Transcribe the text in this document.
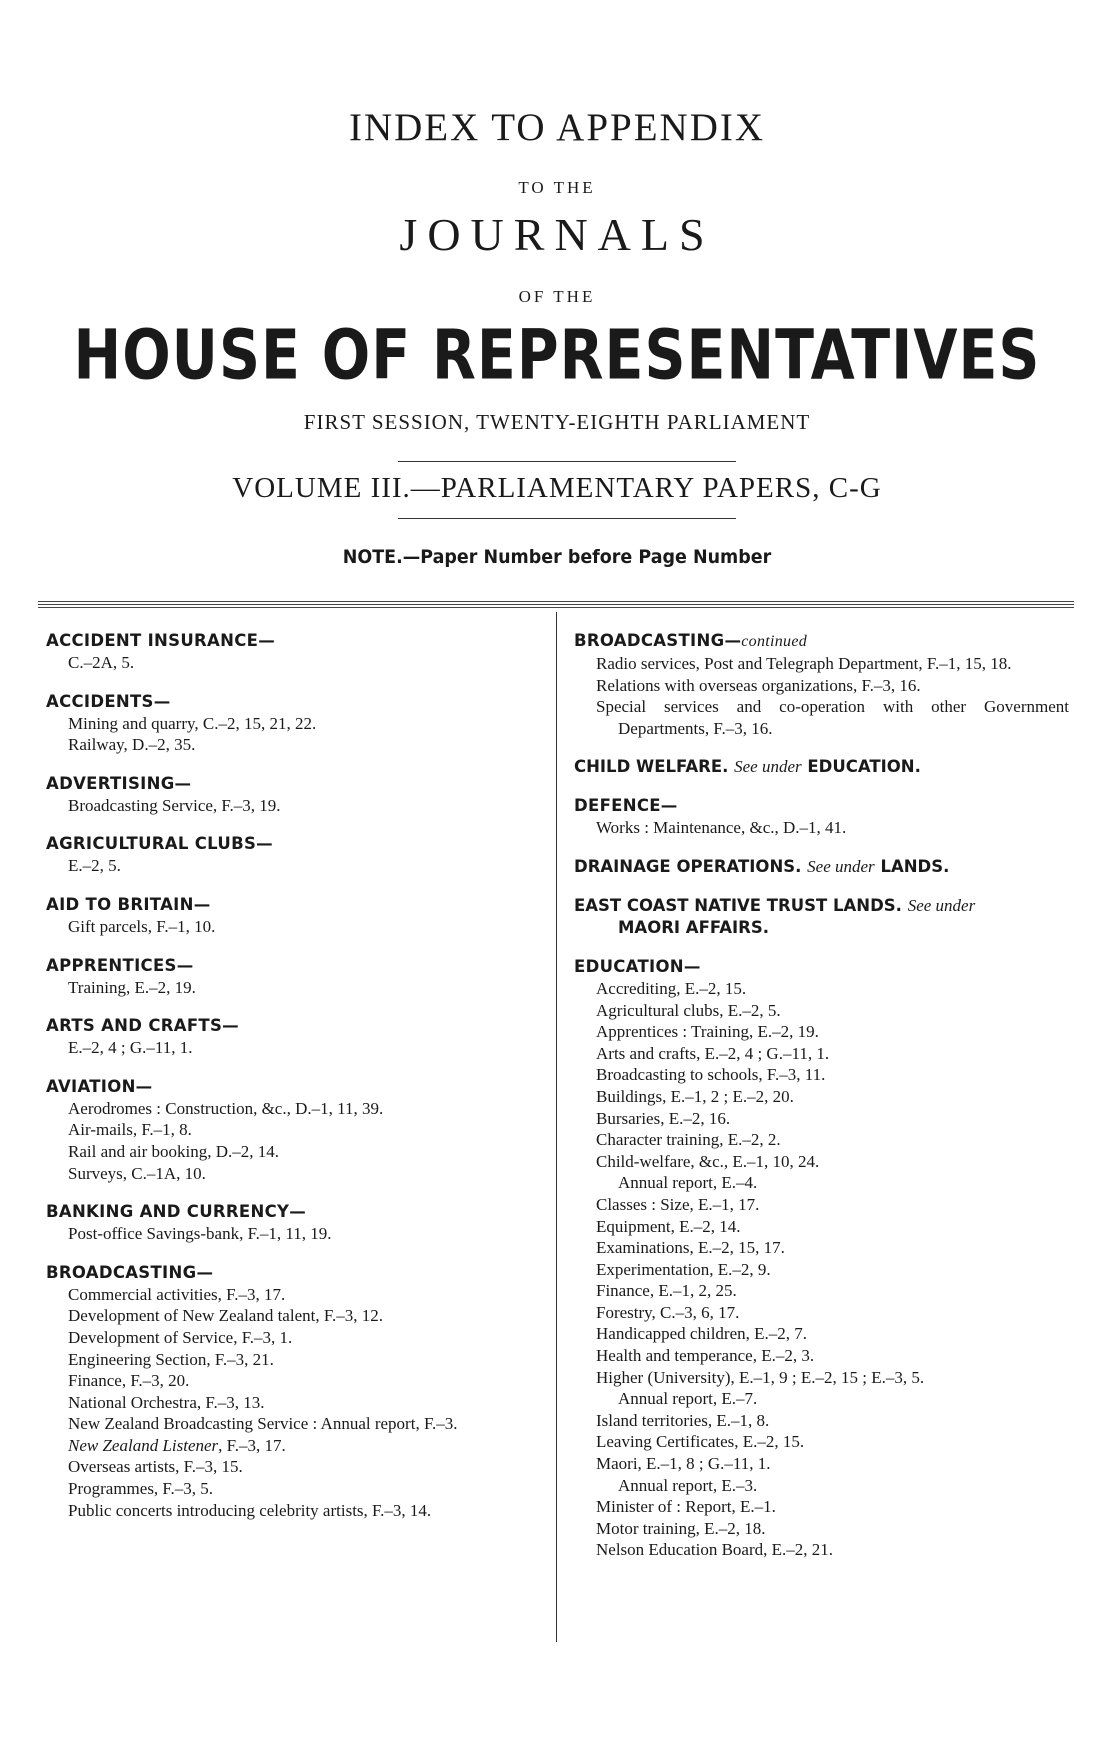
INDEX TO APPENDIX
TO THE
JOURNALS
OF THE
HOUSE OF REPRESENTATIVES
FIRST SESSION, TWENTY-EIGHTH PARLIAMENT
VOLUME III.—PARLIAMENTARY PAPERS, C-G
NOTE.—Paper Number before Page Number
ACCIDENT INSURANCE—
C.–2A, 5.
ACCIDENTS—
Mining and quarry, C.–2, 15, 21, 22.
Railway, D.–2, 35.
ADVERTISING—
Broadcasting Service, F.–3, 19.
AGRICULTURAL CLUBS—
E.–2, 5.
AID TO BRITAIN—
Gift parcels, F.–1, 10.
APPRENTICES—
Training, E.–2, 19.
ARTS AND CRAFTS—
E.–2, 4 ; G.–11, 1.
AVIATION—
Aerodromes : Construction, &c., D.–1, 11, 39.
Air-mails, F.–1, 8.
Rail and air booking, D.–2, 14.
Surveys, C.–1A, 10.
BANKING AND CURRENCY—
Post-office Savings-bank, F.–1, 11, 19.
BROADCASTING—
Commercial activities, F.–3, 17.
Development of New Zealand talent, F.–3, 12.
Development of Service, F.–3, 1.
Engineering Section, F.–3, 21.
Finance, F.–3, 20.
National Orchestra, F.–3, 13.
New Zealand Broadcasting Service : Annual report, F.–3.
New Zealand Listener, F.–3, 17.
Overseas artists, F.–3, 15.
Programmes, F.–3, 5.
Public concerts introducing celebrity artists, F.–3, 14.
BROADCASTING—continued
Radio services, Post and Telegraph Department, F.–1, 15, 18.
Relations with overseas organizations, F.–3, 16.
Special services and co-operation with other Government Departments, F.–3, 16.
CHILD WELFARE. See under EDUCATION.
DEFENCE—
Works : Maintenance, &c., D.–1, 41.
DRAINAGE OPERATIONS. See under LANDS.
EAST COAST NATIVE TRUST LANDS. See under
MAORI AFFAIRS.
EDUCATION—
Accrediting, E.–2, 15.
Agricultural clubs, E.–2, 5.
Apprentices : Training, E.–2, 19.
Arts and crafts, E.–2, 4 ; G.–11, 1.
Broadcasting to schools, F.–3, 11.
Buildings, E.–1, 2 ; E.–2, 20.
Bursaries, E.–2, 16.
Character training, E.–2, 2.
Child-welfare, &c., E.–1, 10, 24.
Annual report, E.–4.
Classes : Size, E.–1, 17.
Equipment, E.–2, 14.
Examinations, E.–2, 15, 17.
Experimentation, E.–2, 9.
Finance, E.–1, 2, 25.
Forestry, C.–3, 6, 17.
Handicapped children, E.–2, 7.
Health and temperance, E.–2, 3.
Higher (University), E.–1, 9 ; E.–2, 15 ; E.–3, 5.
Annual report, E.–7.
Island territories, E.–1, 8.
Leaving Certificates, E.–2, 15.
Maori, E.–1, 8 ; G.–11, 1.
Annual report, E.–3.
Minister of : Report, E.–1.
Motor training, E.–2, 18.
Nelson Education Board, E.–2, 21.
